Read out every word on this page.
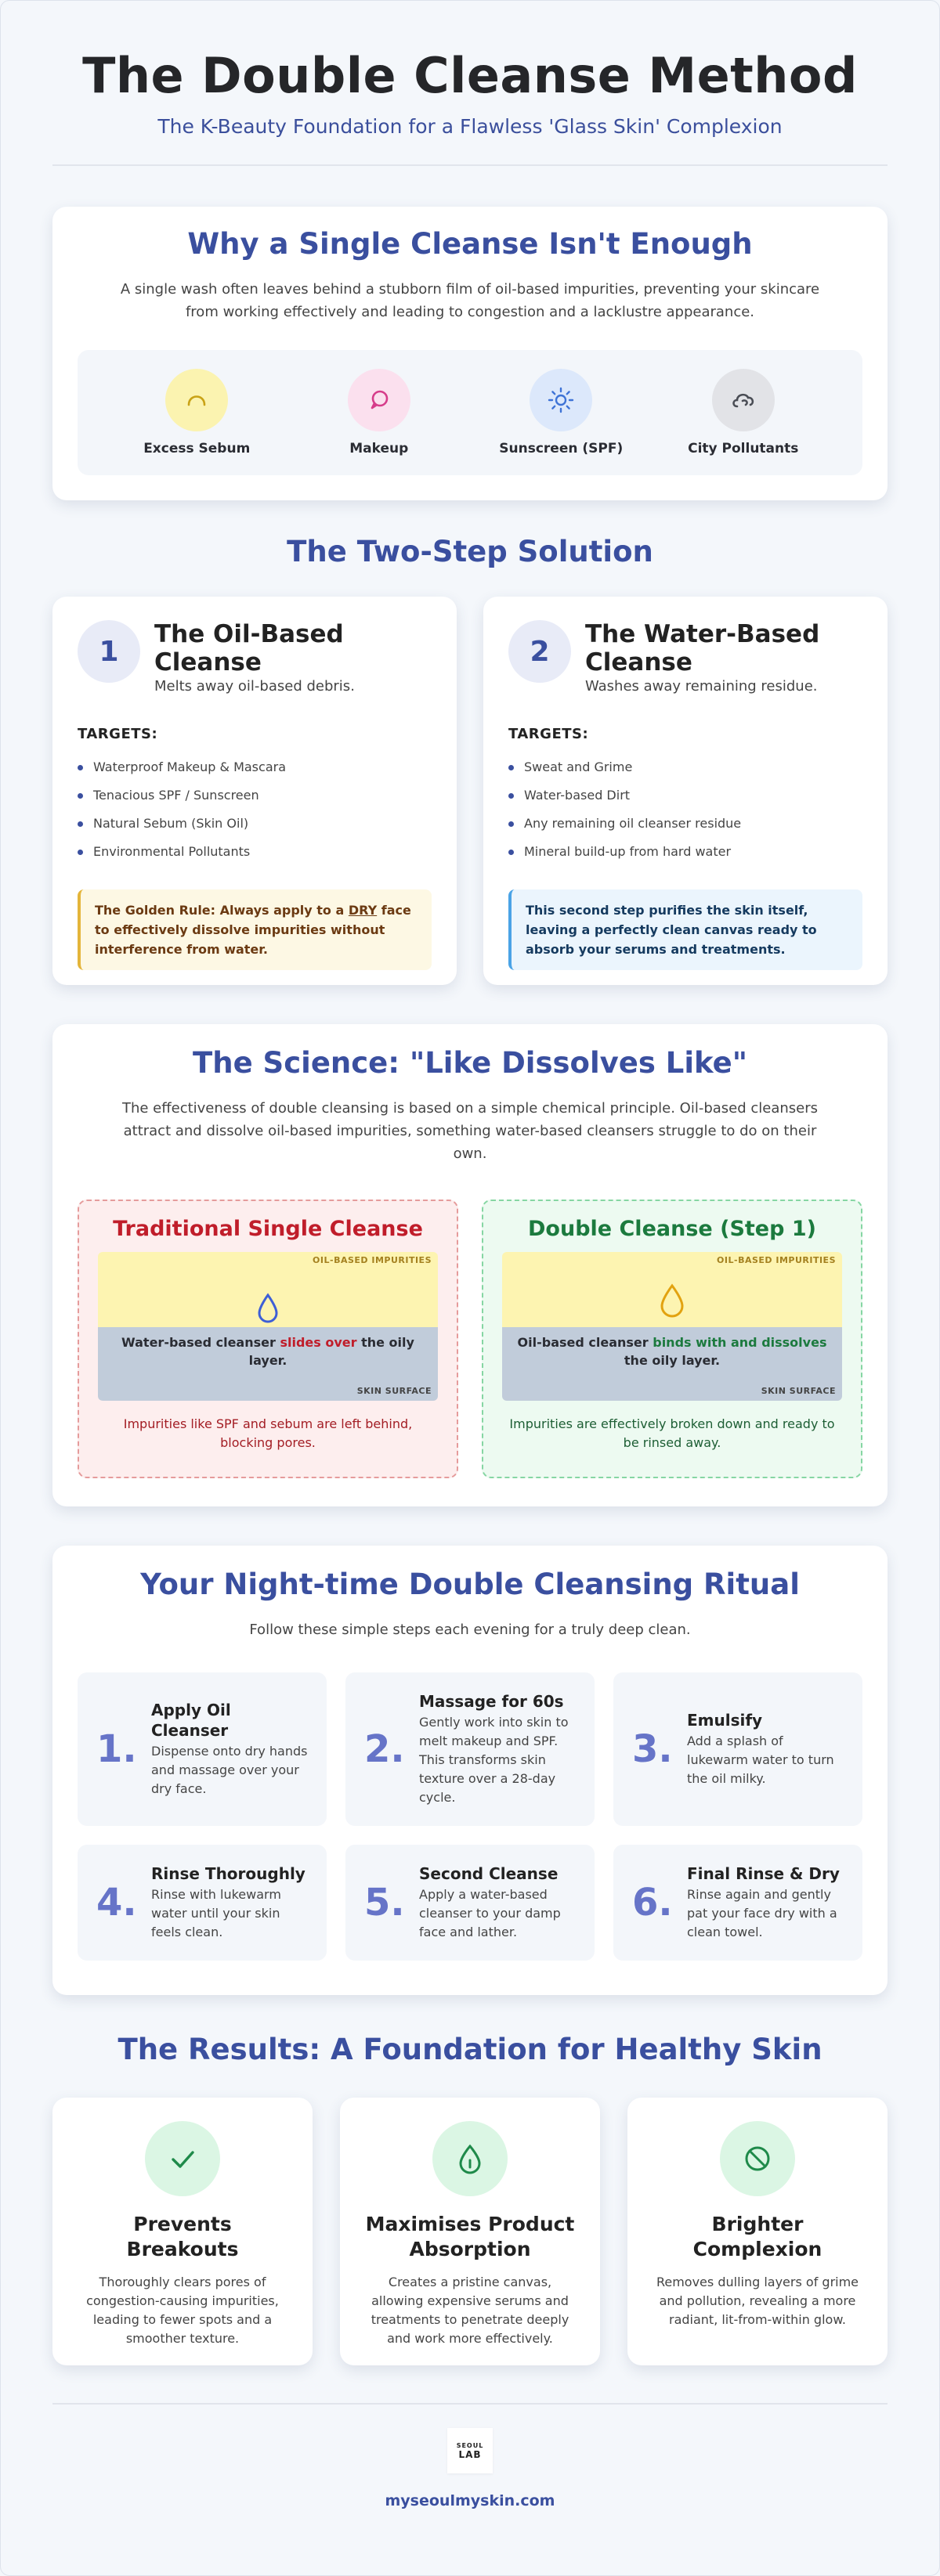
The Double Cleanse Method
The K-Beauty Foundation for a Flawless 'Glass Skin' Complexion
Why a Single Cleanse Isn't Enough

A single wash often leaves behind a stubborn film of oil-based impurities, preventing your skincare from working effectively and leading to congestion and a lacklustre appearance.

Excess Sebum	Makeup	Sunscreen (SPF)	City Pollutants
The Two-Step Solution
1
The Oil-Based Cleanse

Melts away oil-based debris.

TARGETS:
Waterproof Makeup & Mascara
Tenacious SPF / Sunscreen
Natural Sebum (Skin Oil)
Environmental Pollutants
The Golden Rule: Always apply to a DRY face to effectively dissolve impurities without interference from water.
2
The Water-Based Cleanse

Washes away remaining residue.

TARGETS:
Sweat and Grime
Water-based Dirt
Any remaining oil cleanser residue
Mineral build-up from hard water
This second step purifies the skin itself, leaving a perfectly clean canvas ready to absorb your serums and treatments.
The Science: "Like Dissolves Like"

The effectiveness of double cleansing is based on a simple chemical principle. Oil-based cleansers attract and dissolve oil-based impurities, something water-based cleansers struggle to do on their own.

Traditional Single Cleanse
OIL-BASED IMPURITIES
SKIN SURFACE
Water-based cleanser slides over the oily layer.

Impurities like SPF and sebum are left behind, blocking pores.

Double Cleanse (Step 1)
OIL-BASED IMPURITIES
SKIN SURFACE
Oil-based cleanser binds with and dissolves the oily layer.

Impurities are effectively broken down and ready to be rinsed away.

Your Night-time Double Cleansing Ritual

Follow these simple steps each evening for a truly deep clean.

1.
Apply Oil Cleanser

Dispense onto dry hands and massage over your dry face.

2.
Massage for 60s

Gently work into skin to melt makeup and SPF. This transforms skin texture over a 28-day cycle.

3.
Emulsify

Add a splash of lukewarm water to turn the oil milky.

4.
Rinse Thoroughly

Rinse with lukewarm water until your skin feels clean.

5.
Second Cleanse

Apply a water-based cleanser to your damp face and lather.

6.
Final Rinse & Dry

Rinse again and gently pat your face dry with a clean towel.

The Results: A Foundation for Healthy Skin
Prevents Breakouts

Thoroughly clears pores of congestion-causing impurities, leading to fewer spots and a smoother texture.

Maximises Product Absorption

Creates a pristine canvas, allowing expensive serums and treatments to penetrate deeply and work more effectively.

Brighter Complexion

Removes dulling layers of grime and pollution, revealing a more radiant, lit-from-within glow.

SEOUL
LAB
myseoulmyskin.com
